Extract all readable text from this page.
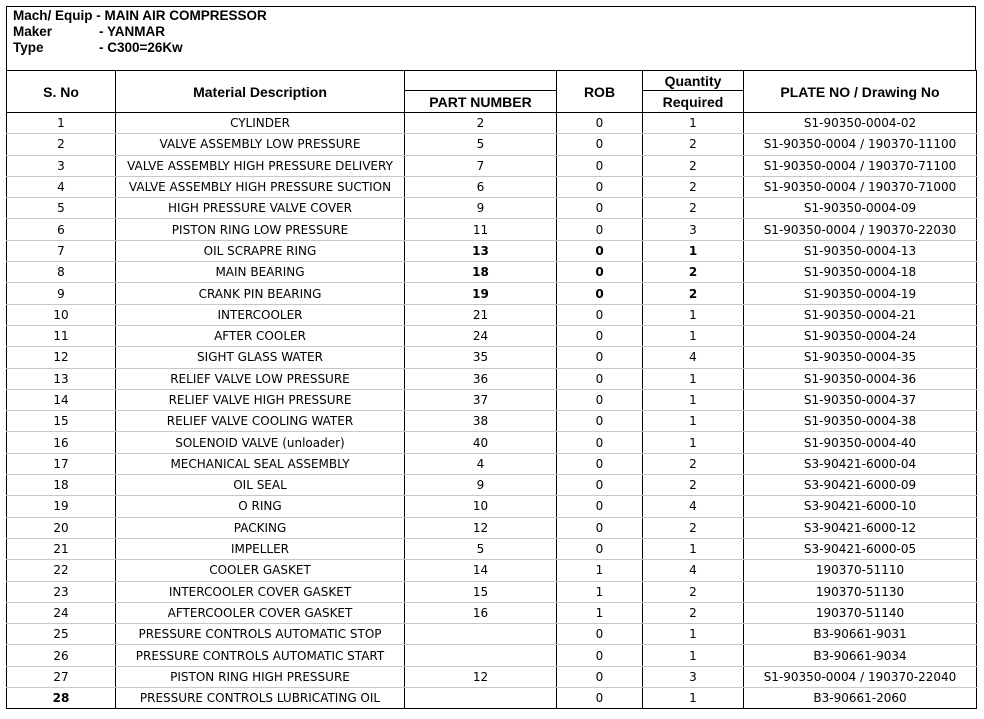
Mach/ Equip - MAIN AIR COMPRESSOR
Maker	- YANMAR
Type	- C300=26Kw
S. No	Material Description		ROB	Quantity	PLATE NO / Drawing No
		PART NUMBER		Required	
1	CYLINDER	2	0	1	S1-90350-0004-02
2	VALVE ASSEMBLY LOW PRESSURE	5	0	2	S1-90350-0004 / 190370-11100
3	VALVE ASSEMBLY HIGH PRESSURE DELIVERY	7	0	2	S1-90350-0004 / 190370-71100
4	VALVE ASSEMBLY HIGH PRESSURE SUCTION	6	0	2	S1-90350-0004 / 190370-71000
5	HIGH PRESSURE VALVE COVER	9	0	2	S1-90350-0004-09
6	PISTON RING LOW PRESSURE	11	0	3	S1-90350-0004 / 190370-22030
7	OIL SCRAPRE RING	13	0	1	S1-90350-0004-13
8	MAIN BEARING	18	0	2	S1-90350-0004-18
9	CRANK PIN BEARING	19	0	2	S1-90350-0004-19
10	INTERCOOLER	21	0	1	S1-90350-0004-21
11	AFTER COOLER	24	0	1	S1-90350-0004-24
12	SIGHT GLASS WATER	35	0	4	S1-90350-0004-35
13	RELIEF VALVE LOW PRESSURE	36	0	1	S1-90350-0004-36
14	RELIEF VALVE HIGH PRESSURE	37	0	1	S1-90350-0004-37
15	RELIEF VALVE COOLING WATER	38	0	1	S1-90350-0004-38
16	SOLENOID VALVE (unloader)	40	0	1	S1-90350-0004-40
17	MECHANICAL SEAL ASSEMBLY	4	0	2	S3-90421-6000-04
18	OIL SEAL	9	0	2	S3-90421-6000-09
19	O RING	10	0	4	S3-90421-6000-10
20	PACKING	12	0	2	S3-90421-6000-12
21	IMPELLER	5	0	1	S3-90421-6000-05
22	COOLER GASKET	14	1	4	190370-51110
23	INTERCOOLER COVER GASKET	15	1	2	190370-51130
24	AFTERCOOLER COVER GASKET	16	1	2	190370-51140
25	PRESSURE CONTROLS AUTOMATIC STOP		0	1	B3-90661-9031
26	PRESSURE CONTROLS AUTOMATIC START		0	1	B3-90661-9034
27	PISTON RING HIGH PRESSURE	12	0	3	S1-90350-0004 / 190370-22040
28	PRESSURE CONTROLS LUBRICATING OIL		0	1	B3-90661-2060
